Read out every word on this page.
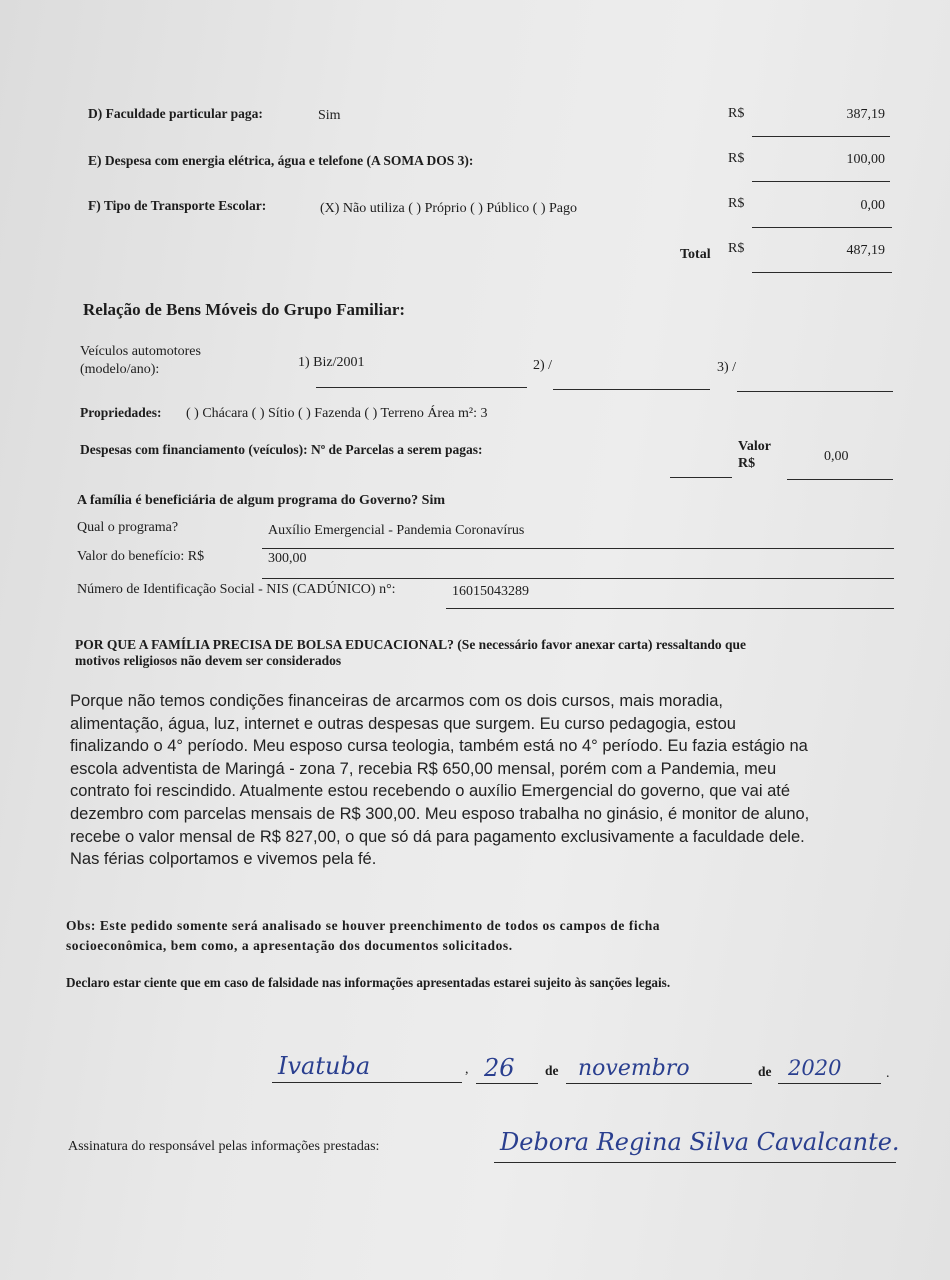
D) Faculdade particular paga:	Sim	R$	387,19
E) Despesa com energia elétrica, água e telefone (A SOMA DOS 3):	R$	100,00
F) Tipo de Transporte Escolar:	(X) Não utiliza ( ) Próprio ( ) Público ( ) Pago	R$	0,00
Total R$	487,19
Relação de Bens Móveis do Grupo Familiar:
Veículos automotores
(modelo/ano):	1) Biz/2001	2) /	3) /
Propriedades: ( ) Chácara ( ) Sítio ( ) Fazenda ( ) Terreno Área m²: 3
Despesas com financiamento (veículos): Nº de Parcelas a serem pagas:	Valor
R$	0,00
A família é beneficiária de algum programa do Governo? Sim
Qual o programa?	Auxílio Emergencial - Pandemia Coronavírus
Valor do benefício: R$	300,00
Número de Identificação Social - NIS (CADÚNICO) n°:	16015043289
POR QUE A FAMÍLIA PRECISA DE BOLSA EDUCACIONAL? (Se necessário favor anexar carta) ressaltando que
motivos religiosos não devem ser considerados
Porque não temos condições financeiras de arcarmos com os dois cursos, mais moradia,
alimentação, água, luz, internet e outras despesas que surgem. Eu curso pedagogia, estou
finalizando o 4° período. Meu esposo cursa teologia, também está no 4° período. Eu fazia estágio na
escola adventista de Maringá - zona 7, recebia R$ 650,00 mensal, porém com a Pandemia, meu
contrato foi rescindido. Atualmente estou recebendo o auxílio Emergencial do governo, que vai até
dezembro com parcelas mensais de R$ 300,00. Meu esposo trabalha no ginásio, é monitor de aluno,
recebe o valor mensal de R$ 827,00, o que só dá para pagamento exclusivamente a faculdade dele.
Nas férias colportamos e vivemos pela fé.
Obs: Este pedido somente será analisado se houver preenchimento de todos os campos de ficha
socioeconômica, bem como, a apresentação dos documentos solicitados.
Declaro estar ciente que em caso de falsidade nas informações apresentadas estarei sujeito às sanções legais.
Ivatuba	, 26 de novembro	de 2020	.
Assinatura do responsável pelas informações prestadas:	Debora Regina Silva Cavalcante.
